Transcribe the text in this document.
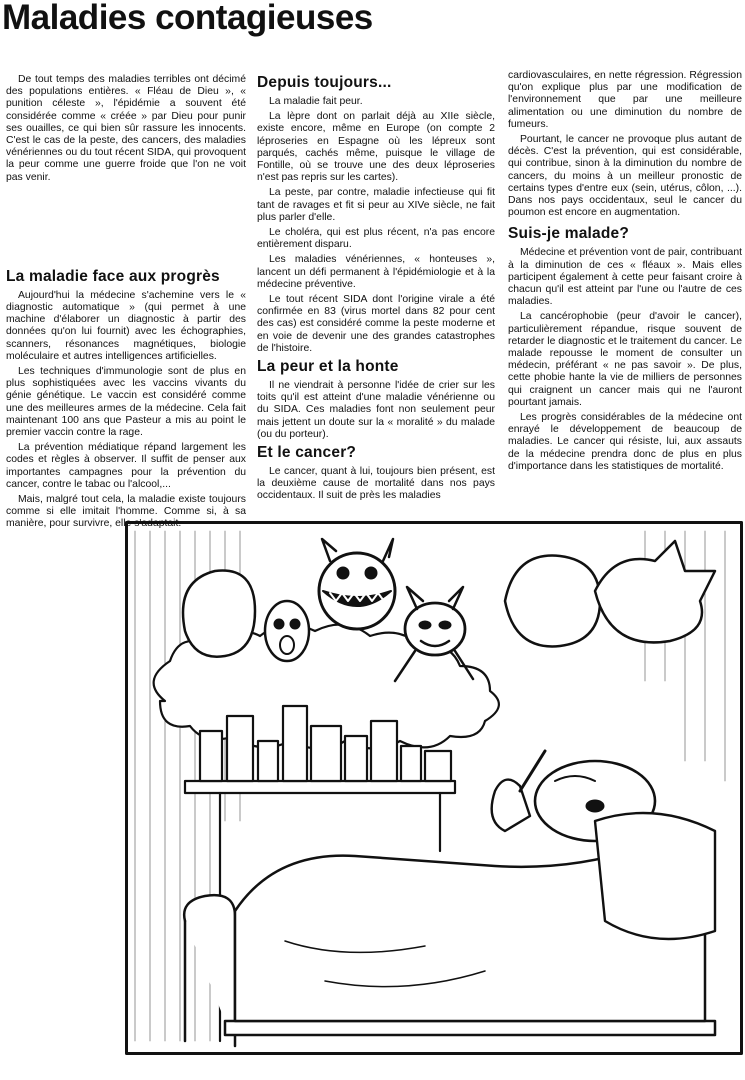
Maladies contagieuses

De tout temps des maladies terribles ont décimé des populations entières. « Fléau de Dieu », « punition céleste », l'épidémie a souvent été considérée comme « créée » par Dieu pour punir ses ouailles, ce qui bien sûr rassure les innocents. C'est le cas de la peste, des cancers, des maladies vénériennes ou du tout récent SIDA, qui provoquent la peur comme une guerre froide que l'on ne voit pas venir.

La maladie face aux progrès

Aujourd'hui la médecine s'achemine vers le « diagnostic automatique » (qui permet à une machine d'élaborer un diagnostic à partir des données qu'on lui fournit) avec les échographies, scanners, résonances magnétiques, biologie moléculaire et autres intelligences artificielles.

Les techniques d'immunologie sont de plus en plus sophistiquées avec les vaccins vivants du génie génétique. Le vaccin est considéré comme une des meilleures armes de la médecine. Cela fait maintenant 100 ans que Pasteur a mis au point le premier vaccin contre la rage.

La prévention médiatique répand largement les codes et règles à observer. Il suffit de penser aux importantes campagnes pour la prévention du cancer, contre le tabac ou l'alcool,...

Mais, malgré tout cela, la maladie existe toujours comme si elle imitait l'homme. Comme si, à sa manière, pour survivre, elle s'adaptait.

Depuis toujours...

La maladie fait peur.

La lèpre dont on parlait déjà au XIIe siècle, existe encore, même en Europe (on compte 2 léproseries en Espagne où les lépreux sont parqués, cachés même, puisque le village de Fontille, où se trouve une des deux léproseries n'est pas repris sur les cartes).

La peste, par contre, maladie infectieuse qui fit tant de ravages et fit si peur au XIVe siècle, ne fait plus parler d'elle.

Le choléra, qui est plus récent, n'a pas encore entièrement disparu.

Les maladies vénériennes, « honteuses », lancent un défi permanent à l'épidémiologie et à la médecine préventive.

Le tout récent SIDA dont l'origine virale a été confirmée en 83 (virus mortel dans 82 pour cent des cas) est considéré comme la peste moderne et en voie de devenir une des grandes catastrophes de l'histoire.

La peur et la honte

Il ne viendrait à personne l'idée de crier sur les toits qu'il est atteint d'une maladie vénérienne ou du SIDA. Ces maladies font non seulement peur mais jettent un doute sur la « moralité » du malade (ou du porteur).

Et le cancer?

Le cancer, quant à lui, toujours bien présent, est la deuxième cause de mortalité dans nos pays occidentaux. Il suit de près les maladies

cardiovasculaires, en nette régression. Régression qu'on explique plus par une modification de l'environnement que par une meilleure alimentation ou une diminution du nombre de fumeurs.

Pourtant, le cancer ne provoque plus autant de décès. C'est la prévention, qui est considérable, qui contribue, sinon à la diminution du nombre de cancers, du moins à un meilleur pronostic de certains types d'entre eux (sein, utérus, côlon, ...). Dans nos pays occidentaux, seul le cancer du poumon est encore en augmentation.

Suis-je malade?

Médecine et prévention vont de pair, contribuant à la diminution de ces « fléaux ». Mais elles participent également à cette peur faisant croire à chacun qu'il est atteint par l'une ou l'autre de ces maladies.

La cancérophobie (peur d'avoir le cancer), particulièrement répandue, risque souvent de retarder le diagnostic et le traitement du cancer. Le malade repousse le moment de consulter un médecin, préférant « ne pas savoir ». De plus, cette phobie hante la vie de milliers de personnes qui craignent un cancer mais qui ne l'auront pourtant jamais.

Les progrès considérables de la médecine ont enrayé le développement de beaucoup de maladies. Le cancer qui résiste, lui, aux assauts de la médecine prendra donc de plus en plus d'importance dans les statistiques de mortalité.
